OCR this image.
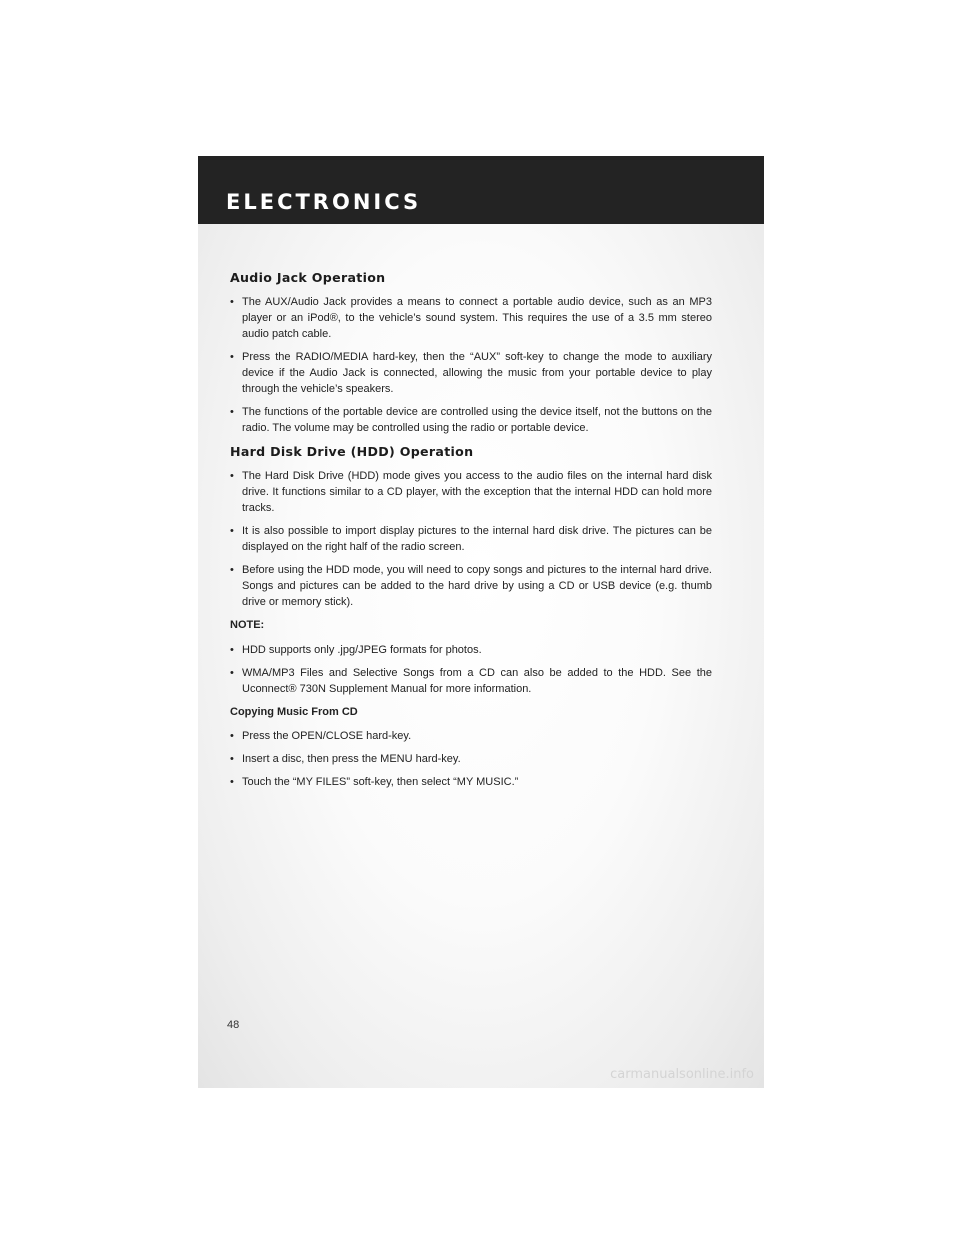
ELECTRONICS
Audio Jack Operation
• The AUX/Audio Jack provides a means to connect a portable audio device, such as an MP3 player or an iPod®, to the vehicle’s sound system. This requires the use of a 3.5 mm stereo audio patch cable.
• Press the RADIO/MEDIA hard-key, then the “AUX” soft-key to change the mode to auxiliary device if the Audio Jack is connected, allowing the music from your portable device to play through the vehicle’s speakers.
• The functions of the portable device are controlled using the device itself, not the buttons on the radio. The volume may be controlled using the radio or portable device.
Hard Disk Drive (HDD) Operation
• The Hard Disk Drive (HDD) mode gives you access to the audio files on the internal hard disk drive. It functions similar to a CD player, with the exception that the internal HDD can hold more tracks.
• It is also possible to import display pictures to the internal hard disk drive. The pictures can be displayed on the right half of the radio screen.
• Before using the HDD mode, you will need to copy songs and pictures to the internal hard drive. Songs and pictures can be added to the hard drive by using a CD or USB device (e.g. thumb drive or memory stick).
NOTE:
• HDD supports only .jpg/JPEG formats for photos.
• WMA/MP3 Files and Selective Songs from a CD can also be added to the HDD. See the Uconnect® 730N Supplement Manual for more information.
Copying Music From CD
• Press the OPEN/CLOSE hard-key.
• Insert a disc, then press the MENU hard-key.
• Touch the “MY FILES” soft-key, then select “MY MUSIC.”
48
carmanualsonline.info
